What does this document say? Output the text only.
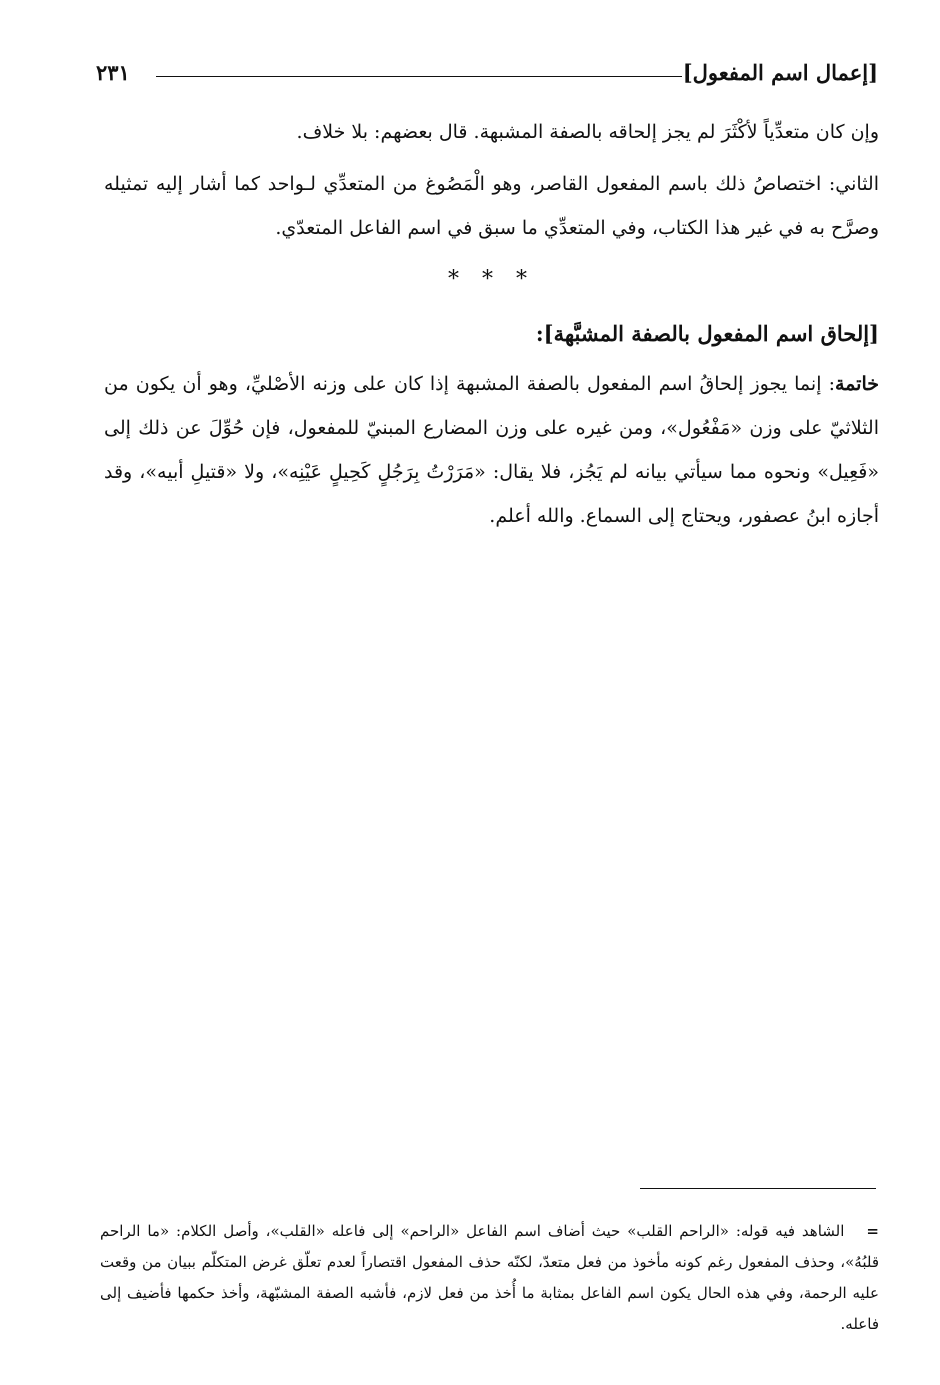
[إعمال اسم المفعول]
٢٣١

وإن كان متعدِّياً لأكْثَرَ لم يجز إلحاقه بالصفة المشبهة. قال بعضهم: بلا خلاف.

الثاني: اختصاصُ ذلك باسم المفعول القاصر، وهو الْمَصُوغ من المتعدِّي لـواحد كما أشار إليه تمثيله وصرَّح به في غير هذا الكتاب، وفي المتعدِّي ما سبق في اسم الفاعل المتعدّي.

* * *
[إلحاق اسم المفعول بالصفة المشبَّهة]:

خاتمة: إنما يجوز إلحاقُ اسم المفعول بالصفة المشبهة إذا كان على وزنه الأصْليِّ، وهو أن يكون من الثلاثيّ على وزن «مَفْعُول»، ومن غيره على وزن المضارع المبنيّ للمفعول، فإن حُوِّلَ عن ذلك إلى «فَعِيل» ونحوه مما سيأتي بيانه لم يَجُز، فلا يقال: «مَرَرْتُ بِرَجُلٍ كَحِيلٍ عَيْنِه»، ولا «قتيلِ أبيه»، وقد أجازه ابنُ عصفور، ويحتاج إلى السماع. والله أعلم.

=الشاهد فيه قوله: «الراحم القلب» حيث أضاف اسم الفاعل «الراحم» إلى فاعله «القلب»، وأصل الكلام: «ما الراحم قلبُهُ»، وحذف المفعول رغم كونه مأخوذ من فعل متعدّ، لكنّه حذف المفعول اقتصاراً لعدم تعلّق غرض المتكلّم ببيان من وقعت عليه الرحمة، وفي هذه الحال يكون اسم الفاعل بمثابة ما أُخذ من فعل لازم، فأشبه الصفة المشبّهة، وأخذ حكمها فأضيف إلى فاعله.
